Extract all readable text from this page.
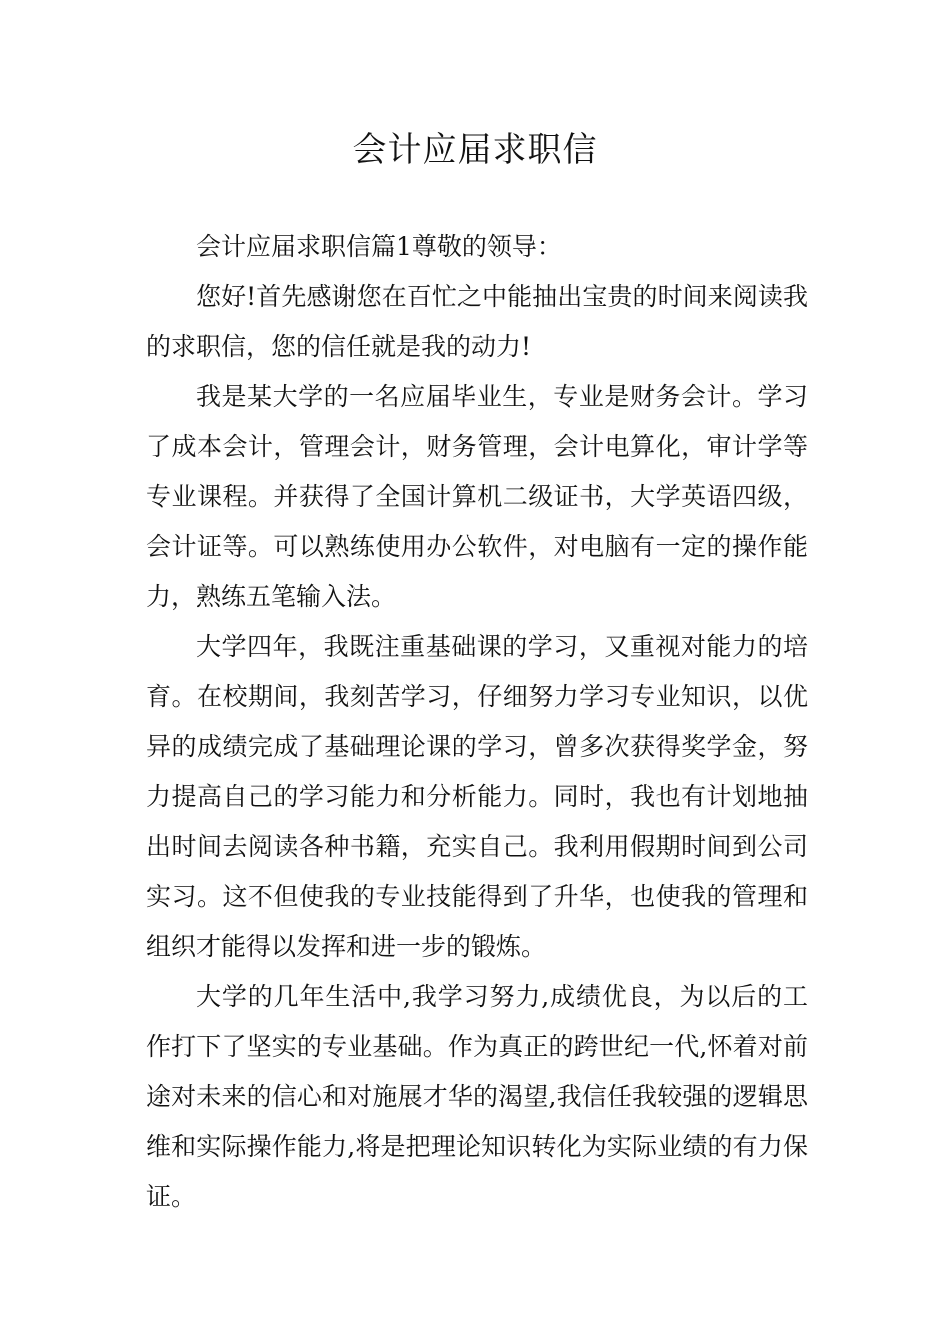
会计应届求职信

会计应届求职信篇1尊敬的领导：

您好!首先感谢您在百忙之中能抽出宝贵的时间来阅读我的求职信，您的信任就是我的动力!

我是某大学的一名应届毕业生，专业是财务会计。学习了成本会计，管理会计，财务管理，会计电算化，审计学等专业课程。并获得了全国计算机二级证书，大学英语四级，会计证等。可以熟练使用办公软件，对电脑有一定的操作能力，熟练五笔输入法。

大学四年，我既注重基础课的学习，又重视对能力的培育。在校期间，我刻苦学习，仔细努力学习专业知识，以优异的成绩完成了基础理论课的学习，曾多次获得奖学金，努力提高自己的学习能力和分析能力。同时，我也有计划地抽出时间去阅读各种书籍，充实自己。我利用假期时间到公司实习。这不但使我的专业技能得到了升华，也使我的管理和组织才能得以发挥和进一步的锻炼。

大学的几年生活中,我学习努力,成绩优良，为以后的工作打下了坚实的专业基础。作为真正的跨世纪一代,怀着对前途对未来的信心和对施展才华的渴望,我信任我较强的逻辑思维和实际操作能力,将是把理论知识转化为实际业绩的有力保证。
